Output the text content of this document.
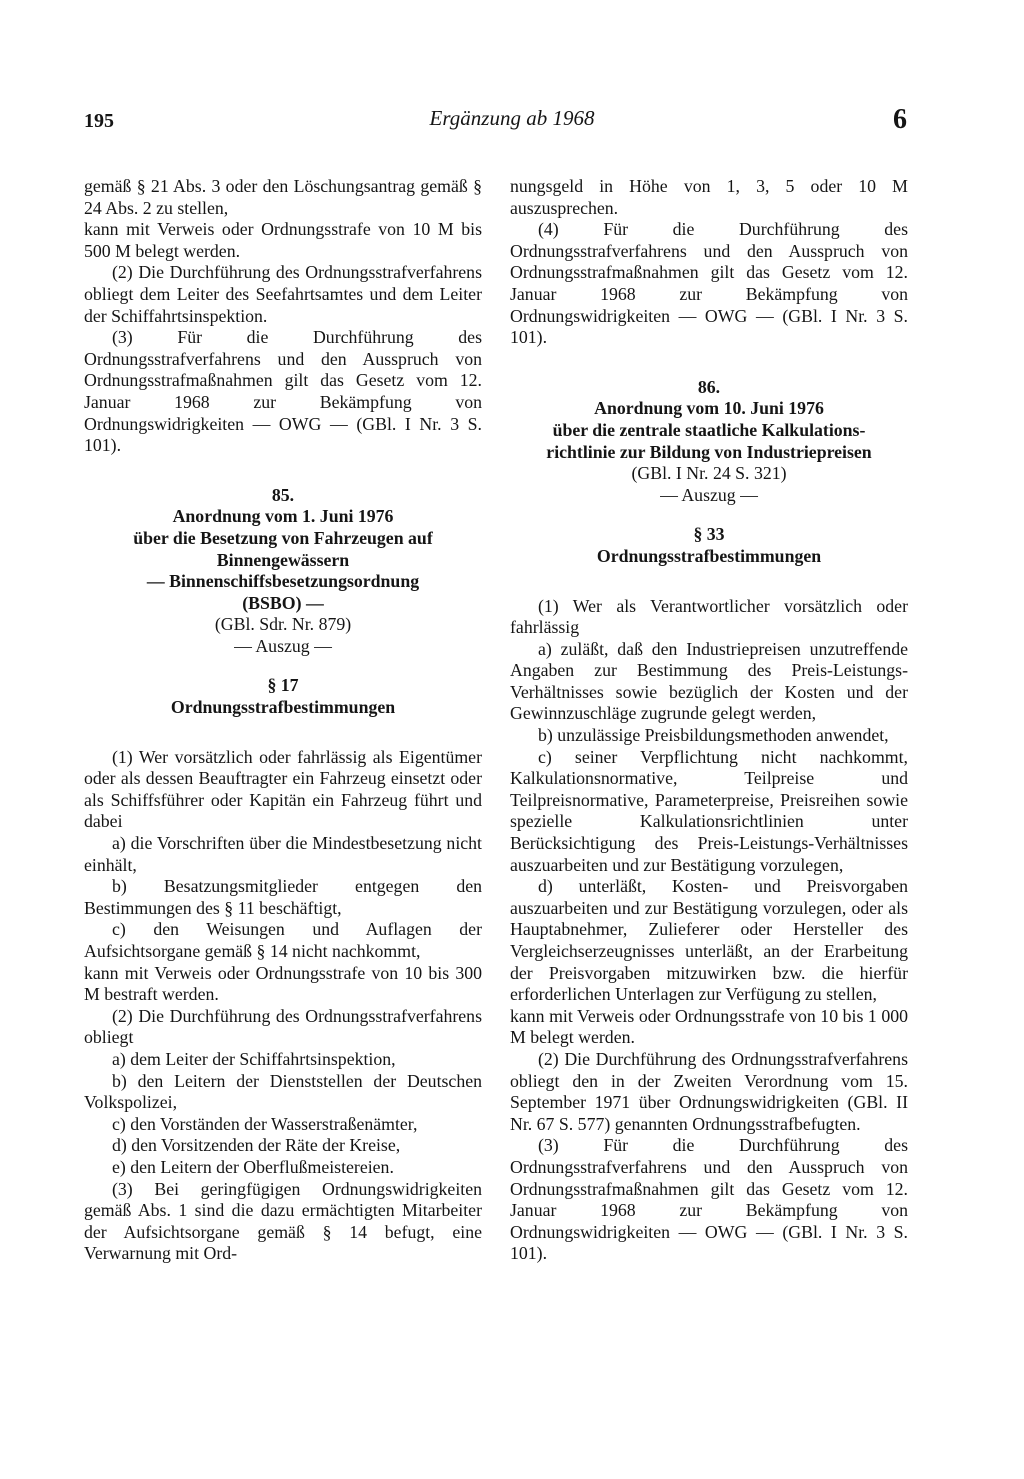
195	Ergänzung ab 1968	6

gemäß § 21 Abs. 3 oder den Löschungsantrag gemäß § 24 Abs. 2 zu stellen,

kann mit Verweis oder Ordnungsstrafe von 10 M bis 500 M belegt werden.

(2) Die Durchführung des Ordnungsstrafverfahrens obliegt dem Leiter des Seefahrtsamtes und dem Leiter der Schiffahrtsinspektion.

(3) Für die Durchführung des Ordnungsstrafverfahrens und den Ausspruch von Ordnungsstrafmaßnahmen gilt das Gesetz vom 12. Januar 1968 zur Bekämpfung von Ordnungswidrigkeiten — OWG — (GBl. I Nr. 3 S. 101).

85.
Anordnung vom 1. Juni 1976
über die Besetzung von Fahrzeugen auf
Binnengewässern
— Binnenschiffsbesetzungsordnung
(BSBO) —
(GBl. Sdr. Nr. 879)
— Auszug —
§ 17
Ordnungsstrafbestimmungen

(1) Wer vorsätzlich oder fahrlässig als Eigentümer oder als dessen Beauftragter ein Fahrzeug einsetzt oder als Schiffsführer oder Kapitän ein Fahrzeug führt und dabei

a) die Vorschriften über die Mindestbesetzung nicht einhält,

b) Besatzungsmitglieder entgegen den Bestimmungen des § 11 beschäftigt,

c) den Weisungen und Auflagen der Aufsichtsorgane gemäß § 14 nicht nachkommt,

kann mit Verweis oder Ordnungsstrafe von 10 bis 300 M bestraft werden.

(2) Die Durchführung des Ordnungsstrafverfahrens obliegt

a) dem Leiter der Schiffahrtsinspektion,

b) den Leitern der Dienststellen der Deutschen Volkspolizei,

c) den Vorständen der Wasserstraßenämter,

d) den Vorsitzenden der Räte der Kreise,

e) den Leitern der Oberflußmeistereien.

(3) Bei geringfügigen Ordnungswidrigkeiten gemäß Abs. 1 sind die dazu ermächtigten Mitarbeiter der Aufsichtsorgane gemäß § 14 befugt, eine Verwarnung mit Ord-

nungsgeld in Höhe von 1, 3, 5 oder 10 M auszusprechen.

(4) Für die Durchführung des Ordnungsstrafverfahrens und den Ausspruch von Ordnungsstrafmaßnahmen gilt das Gesetz vom 12. Januar 1968 zur Bekämpfung von Ordnungswidrigkeiten — OWG — (GBl. I Nr. 3 S. 101).

86.
Anordnung vom 10. Juni 1976
über die zentrale staatliche Kalkulations-
richtlinie zur Bildung von Industriepreisen
(GBl. I Nr. 24 S. 321)
— Auszug —
§ 33
Ordnungsstrafbestimmungen

(1) Wer als Verantwortlicher vorsätzlich oder fahrlässig

a) zuläßt, daß den Industriepreisen unzutreffende Angaben zur Bestimmung des Preis-Leistungs-Verhältnisses sowie bezüglich der Kosten und der Gewinnzuschläge zugrunde gelegt werden,

b) unzulässige Preisbildungsmethoden anwendet,

c) seiner Verpflichtung nicht nachkommt, Kalkulationsnormative, Teilpreise und Teilpreisnormative, Parameterpreise, Preisreihen sowie spezielle Kalkulationsrichtlinien unter Berücksichtigung des Preis-Leistungs-Verhältnisses auszuarbeiten und zur Bestätigung vorzulegen,

d) unterläßt, Kosten- und Preisvorgaben auszuarbeiten und zur Bestätigung vorzulegen, oder als Hauptabnehmer, Zulieferer oder Hersteller des Vergleichserzeugnisses unterläßt, an der Erarbeitung der Preisvorgaben mitzuwirken bzw. die hierfür erforderlichen Unterlagen zur Verfügung zu stellen,

kann mit Verweis oder Ordnungsstrafe von 10 bis 1 000 M belegt werden.

(2) Die Durchführung des Ordnungsstrafverfahrens obliegt den in der Zweiten Verordnung vom 15. September 1971 über Ordnungswidrigkeiten (GBl. II Nr. 67 S. 577) genannten Ordnungsstrafbefugten.

(3) Für die Durchführung des Ordnungsstrafverfahrens und den Ausspruch von Ordnungsstrafmaßnahmen gilt das Gesetz vom 12. Januar 1968 zur Bekämpfung von Ordnungswidrigkeiten — OWG — (GBl. I Nr. 3 S. 101).
